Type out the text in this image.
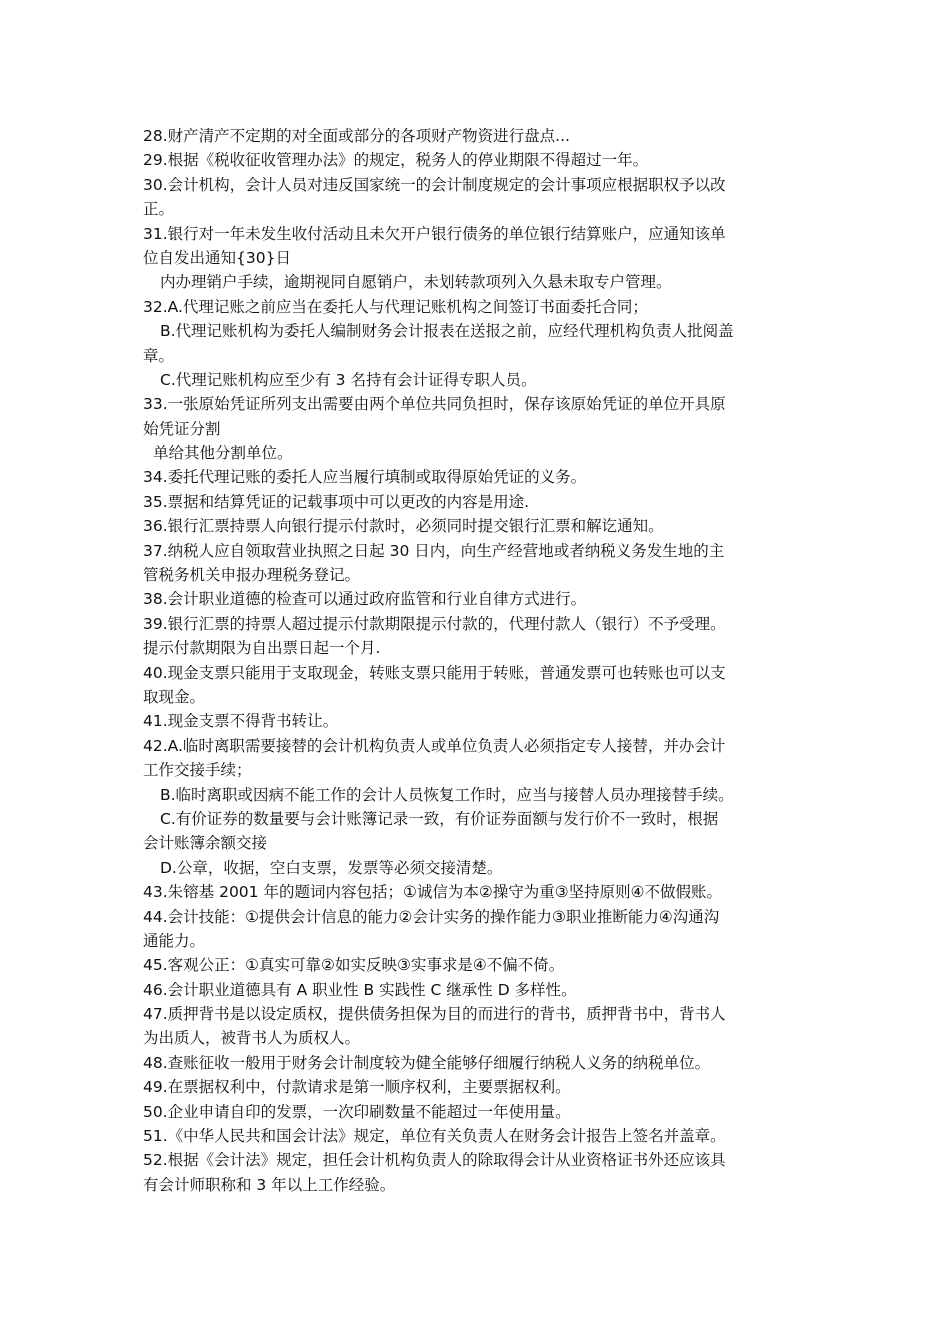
28.财产清产不定期的对全面或部分的各项财产物资进行盘点...
29.根据《税收征收管理办法》的规定，税务人的停业期限不得超过一年。
30.会计机构，会计人员对违反国家统一的会计制度规定的会计事项应根据职权予以改
正。
31.银行对一年未发生收付活动且未欠开户银行债务的单位银行结算账户，应通知该单
位自发出通知{30}日
内办理销户手续，逾期视同自愿销户，未划转款项列入久悬未取专户管理。
32.A.代理记账之前应当在委托人与代理记账机构之间签订书面委托合同；
B.代理记账机构为委托人编制财务会计报表在送报之前，应经代理机构负责人批阅盖
章。
C.代理记账机构应至少有 3 名持有会计证得专职人员。
33.一张原始凭证所列支出需要由两个单位共同负担时，保存该原始凭证的单位开具原
始凭证分割
单给其他分割单位。
34.委托代理记账的委托人应当履行填制或取得原始凭证的义务。
35.票据和结算凭证的记载事项中可以更改的内容是用途.
36.银行汇票持票人向银行提示付款时，必须同时提交银行汇票和解讫通知。
37.纳税人应自领取营业执照之日起 30 日内，向生产经营地或者纳税义务发生地的主
管税务机关申报办理税务登记。
38.会计职业道德的检查可以通过政府监管和行业自律方式进行。
39.银行汇票的持票人超过提示付款期限提示付款的，代理付款人（银行）不予受理。
提示付款期限为自出票日起一个月.
40.现金支票只能用于支取现金，转账支票只能用于转账，普通发票可也转账也可以支
取现金。
41.现金支票不得背书转让。
42.A.临时离职需要接替的会计机构负责人或单位负责人必须指定专人接替，并办会计
工作交接手续；
B.临时离职或因病不能工作的会计人员恢复工作时，应当与接替人员办理接替手续。
C.有价证券的数量要与会计账簿记录一致，有价证券面额与发行价不一致时，根据
会计账簿余额交接
D.公章，收据，空白支票，发票等必须交接清楚。
43.朱镕基 2001 年的题词内容包括；①诚信为本②操守为重③坚持原则④不做假账。
44.会计技能：①提供会计信息的能力②会计实务的操作能力③职业推断能力④沟通沟
通能力。
45.客观公正：①真实可靠②如实反映③实事求是④不偏不倚。
46.会计职业道德具有 A 职业性 B 实践性 C 继承性 D 多样性。
47.质押背书是以设定质权，提供债务担保为目的而进行的背书，质押背书中，背书人
为出质人，被背书人为质权人。
48.查账征收一般用于财务会计制度较为健全能够仔细履行纳税人义务的纳税单位。
49.在票据权利中，付款请求是第一顺序权利，主要票据权利。
50.企业申请自印的发票，一次印刷数量不能超过一年使用量。
51.《中华人民共和国会计法》规定，单位有关负责人在财务会计报告上签名并盖章。
52.根据《会计法》规定，担任会计机构负责人的除取得会计从业资格证书外还应该具
有会计师职称和 3 年以上工作经验。
